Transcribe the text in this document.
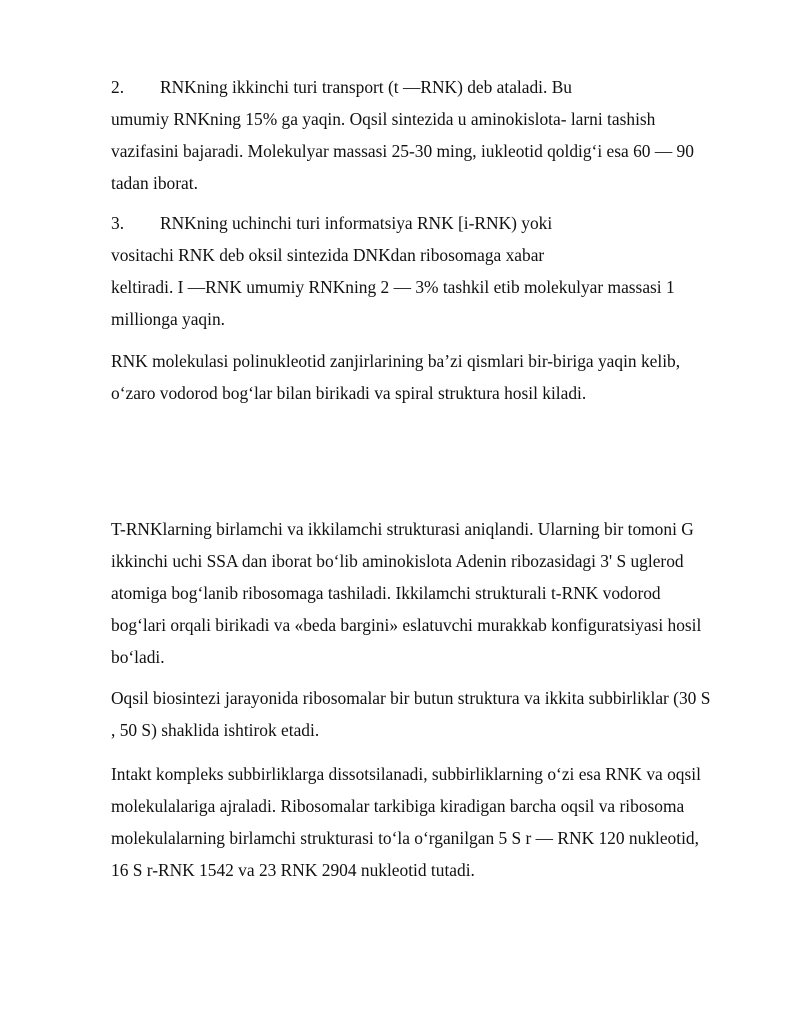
2. RNKning ikkinchi turi transport (t —RNK) deb ataladi. Bu
umumiy RNKning 15% ga yaqin. Oqsil sintezida u aminokislota- larni tashish
vazifasini bajaradi. Molekulyar massasi 25-30 ming, iukleotid qoldig‘i esa 60 — 90
tadan iborat.

3. RNKning uchinchi turi informatsiya RNK [i-RNK) yoki
vositachi RNK deb oksil sintezida DNKdan ribosomaga xabar
keltiradi. I —RNK umumiy RNKning 2 — 3% tashkil etib molekulyar massasi 1
millionga yaqin.

RNK molekulasi polinukleotid zanjirlarining ba’zi qismlari bir-biriga yaqin kelib,
o‘zaro vodorod bog‘lar bilan birikadi va spiral struktura hosil kiladi.

T-RNKlarning birlamchi va ikkilamchi strukturasi aniqlandi. Ularning bir tomoni G
ikkinchi uchi SSA dan iborat bo‘lib aminokislota Adenin ribozasidagi 3' S uglerod
atomiga bog‘lanib ribosomaga tashiladi. Ikkilamchi strukturali t-RNK vodorod
bog‘lari orqali birikadi va «beda bargini» eslatuvchi murakkab konfiguratsiyasi hosil
bo‘ladi.

Oqsil biosintezi jarayonida ribosomalar bir butun struktura va ikkita subbirliklar (30 S
, 50 S) shaklida ishtirok etadi.

Intakt kompleks subbirliklarga dissotsilanadi, subbirliklarning o‘zi esa RNK va oqsil
molekulalariga ajraladi. Ribosomalar tarkibiga kiradigan barcha oqsil va ribosoma
molekulalarning birlamchi strukturasi to‘la o‘rganilgan 5 S r — RNK 120 nukleotid,
16 S r-RNK 1542 va 23 RNK 2904 nukleotid tutadi.
